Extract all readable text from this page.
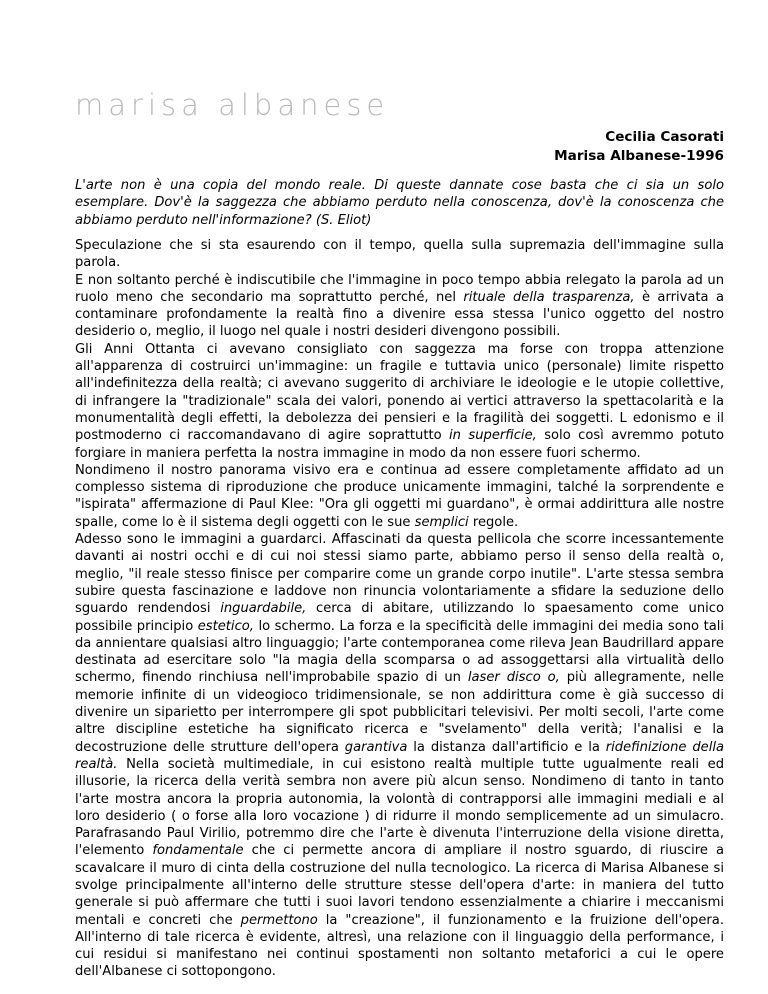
marisa albanese
Cecilia Casorati
Marisa Albanese-1996

L'arte non è una copia del mondo reale. Di queste dannate cose basta che ci sia un solo esemplare. Dov'è la saggezza che abbiamo perduto nella conoscenza, dov'è la conoscenza che abbiamo perduto nell'informazione? (S. Eliot)

Speculazione che si sta esaurendo con il tempo, quella sulla supremazia dell'immagine sulla parola.

E non soltanto perché è indiscutibile che l'immagine in poco tempo abbia relegato la parola ad un ruolo meno che secondario ma soprattutto perché, nel rituale della trasparenza, è arrivata a contaminare profondamente la realtà fino a divenire essa stessa l'unico oggetto del nostro desiderio o, meglio, il luogo nel quale i nostri desideri divengono possibili.

Gli Anni Ottanta ci avevano consigliato con saggezza ma forse con troppa attenzione all'apparenza di costruirci un'immagine: un fragile e tuttavia unico (personale) limite rispetto all'indefinitezza della realtà; ci avevano suggerito di archiviare le ideologie e le utopie collettive, di infrangere la "tradizionale" scala dei valori, ponendo ai vertici attraverso la spettacolarità e la monumentalità degli effetti, la debolezza dei pensieri e la fragilità dei soggetti. L edonismo e il postmoderno ci raccomandavano di agire soprattutto in superficie, solo così avremmo potuto forgiare in maniera perfetta la nostra immagine in modo da non essere fuori schermo.

Nondimeno il nostro panorama visivo era e continua ad essere completamente affidato ad un complesso sistema di riproduzione che produce unicamente immagini, talché la sorprendente e "ispirata" affermazione di Paul Klee: "Ora gli oggetti mi guardano", è ormai addirittura alle nostre spalle, come lo è il sistema degli oggetti con le sue semplici regole.

Adesso sono le immagini a guardarci. Affascinati da questa pellicola che scorre incessantemente davanti ai nostri occhi e di cui noi stessi siamo parte, abbiamo perso il senso della realtà o, meglio, "il reale stesso finisce per comparire come un grande corpo inutile". L'arte stessa sembra subire questa fascinazione e laddove non rinuncia volontariamente a sfidare la seduzione dello sguardo rendendosi inguardabile, cerca di abitare, utilizzando lo spaesamento come unico possibile principio estetico, lo schermo. La forza e la specificità delle immagini dei media sono tali da annientare qualsiasi altro linguaggio; l'arte contemporanea come rileva Jean Baudrillard appare destinata ad esercitare solo "la magia della scomparsa o ad assoggettarsi alla virtualità dello schermo, finendo rinchiusa nell'improbabile spazio di un laser disco o, più allegramente, nelle memorie infinite di un videogioco tridimensionale, se non addirittura come è già successo di divenire un siparietto per interrompere gli spot pubblicitari televisivi. Per molti secoli, l'arte come altre discipline estetiche ha significato ricerca e "svelamento" della verità; l'analisi e la decostruzione delle strutture dell'opera garantiva la distanza dall'artificio e la ridefinizione della realtà. Nella società multimediale, in cui esistono realtà multiple tutte ugualmente reali ed illusorie, la ricerca della verità sembra non avere più alcun senso. Nondimeno di tanto in tanto l'arte mostra ancora la propria autonomia, la volontà di contrapporsi alle immagini mediali e al loro desiderio ( o forse alla loro vocazione ) di ridurre il mondo semplicemente ad un simulacro. Parafrasando Paul Virilio, potremmo dire che l'arte è divenuta l'interruzione della visione diretta, l'elemento fondamentale che ci permette ancora di ampliare il nostro sguardo, di riuscire a scavalcare il muro di cinta della costruzione del nulla tecnologico. La ricerca di Marisa Albanese si svolge principalmente all'interno delle strutture stesse dell'opera d'arte: in maniera del tutto generale si può affermare che tutti i suoi lavori tendono essenzialmente a chiarire i meccanismi mentali e concreti che permettono la "creazione", il funzionamento e la fruizione dell'opera. All'interno di tale ricerca è evidente, altresì, una relazione con il linguaggio della performance, i cui residui si manifestano nei continui spostamenti non soltanto metaforici a cui le opere dell'Albanese ci sottopongono.
